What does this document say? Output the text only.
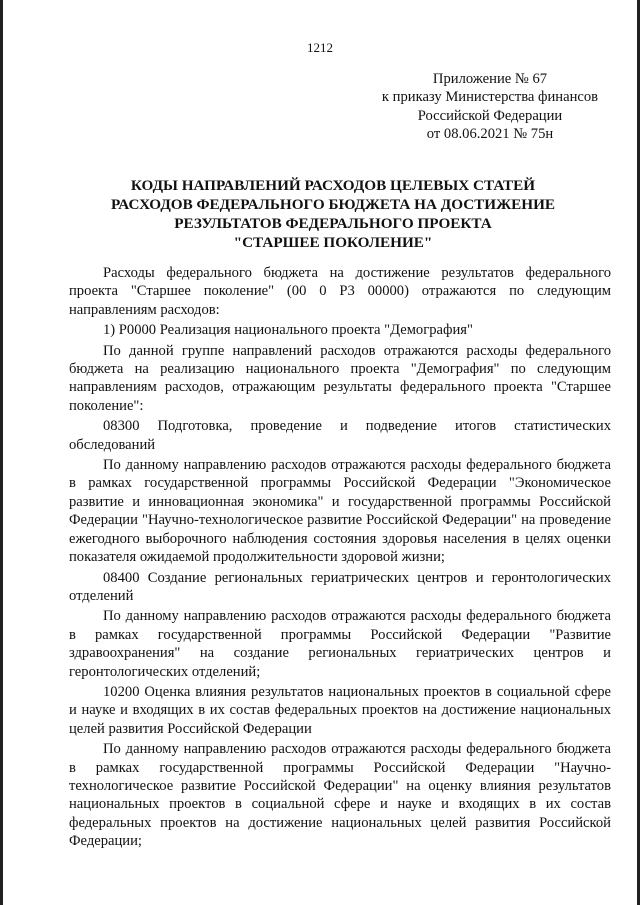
1212
Приложение № 67
к приказу Министерства финансов
Российской Федерации
от 08.06.2021 № 75н
КОДЫ НАПРАВЛЕНИЙ РАСХОДОВ ЦЕЛЕВЫХ СТАТЕЙ
РАСХОДОВ ФЕДЕРАЛЬНОГО БЮДЖЕТА НА ДОСТИЖЕНИЕ
РЕЗУЛЬТАТОВ ФЕДЕРАЛЬНОГО ПРОЕКТА
"СТАРШЕЕ ПОКОЛЕНИЕ"

Расходы федерального бюджета на достижение результатов федерального проекта "Старшее поколение" (00 0 Р3 00000) отражаются по следующим направлениям расходов:

1) Р0000 Реализация национального проекта "Демография"

По данной группе направлений расходов отражаются расходы федерального бюджета на реализацию национального проекта "Демография" по следующим направлениям расходов, отражающим результаты федерального проекта "Старшее поколение":

08300 Подготовка, проведение и подведение итогов статистических обследований

По данному направлению расходов отражаются расходы федерального бюджета в рамках государственной программы Российской Федерации "Экономическое развитие и инновационная экономика" и государственной программы Российской Федерации "Научно-технологическое развитие Российской Федерации" на проведение ежегодного выборочного наблюдения состояния здоровья населения в целях оценки показателя ожидаемой продолжительности здоровой жизни;

08400 Создание региональных гериатрических центров и геронтологических отделений

По данному направлению расходов отражаются расходы федерального бюджета в рамках государственной программы Российской Федерации "Развитие здравоохранения" на создание региональных гериатрических центров и геронтологических отделений;

10200 Оценка влияния результатов национальных проектов в социальной сфере и науке и входящих в их состав федеральных проектов на достижение национальных целей развития Российской Федерации

По данному направлению расходов отражаются расходы федерального бюджета в рамках государственной программы Российской Федерации "Научно-технологическое развитие Российской Федерации" на оценку влияния результатов национальных проектов в социальной сфере и науке и входящих в их состав федеральных проектов на достижение национальных целей развития Российской Федерации;
